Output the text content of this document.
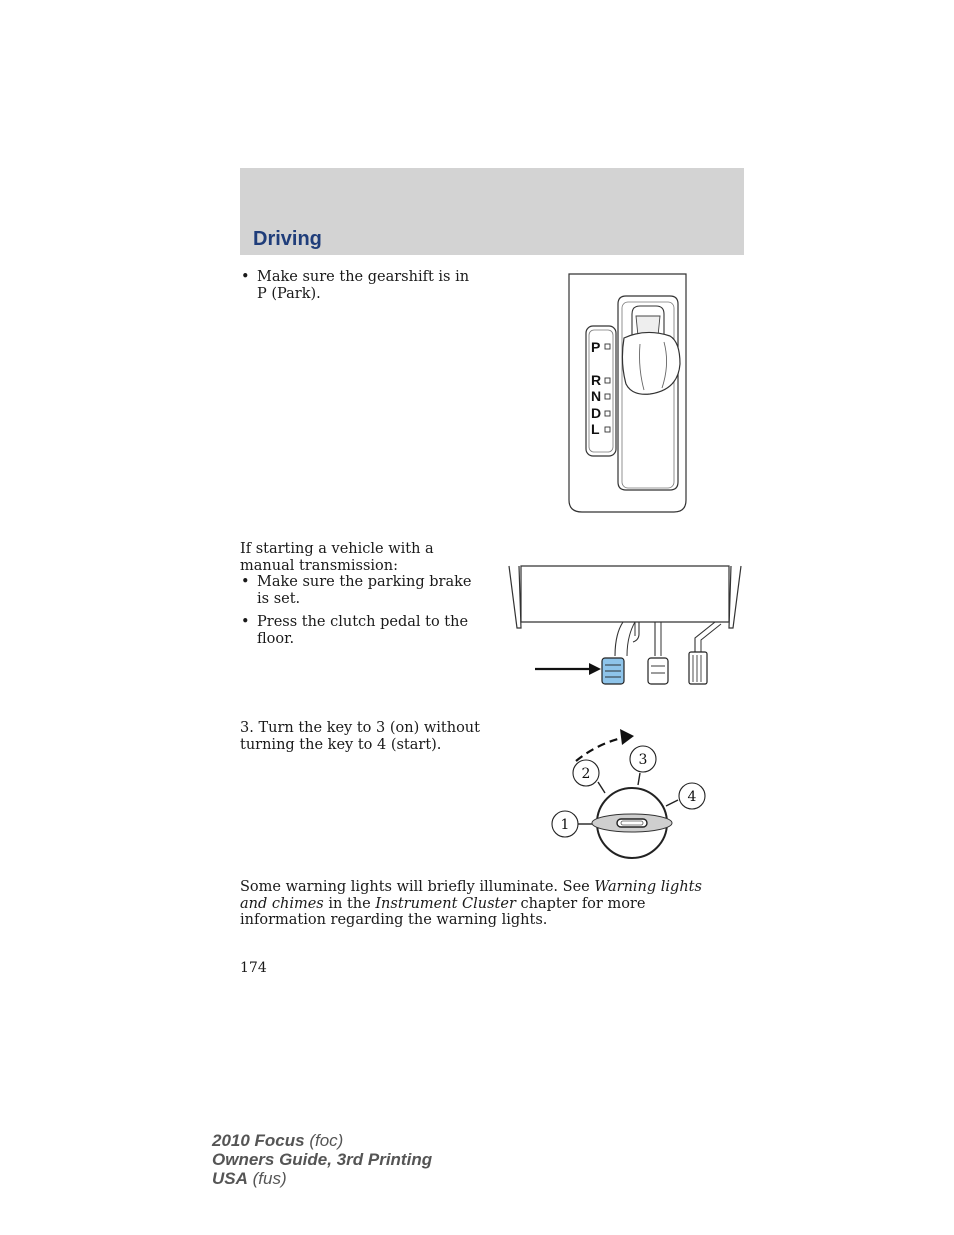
Driving
• Make sure the gearshift is in P (Park).
P
R
N
D
L

If starting a vehicle with a manual transmission:

• Make sure the parking brake is set.
• Press the clutch pedal to the floor.

3. Turn the key to 3 (on) without turning the key to 4 (start).

2
3
4
1

Some warning lights will briefly illuminate. See Warning lights and chimes in the Instrument Cluster chapter for more information regarding the warning lights.

174
2010 Focus (foc)
Owners Guide, 3rd Printing
USA (fus)
